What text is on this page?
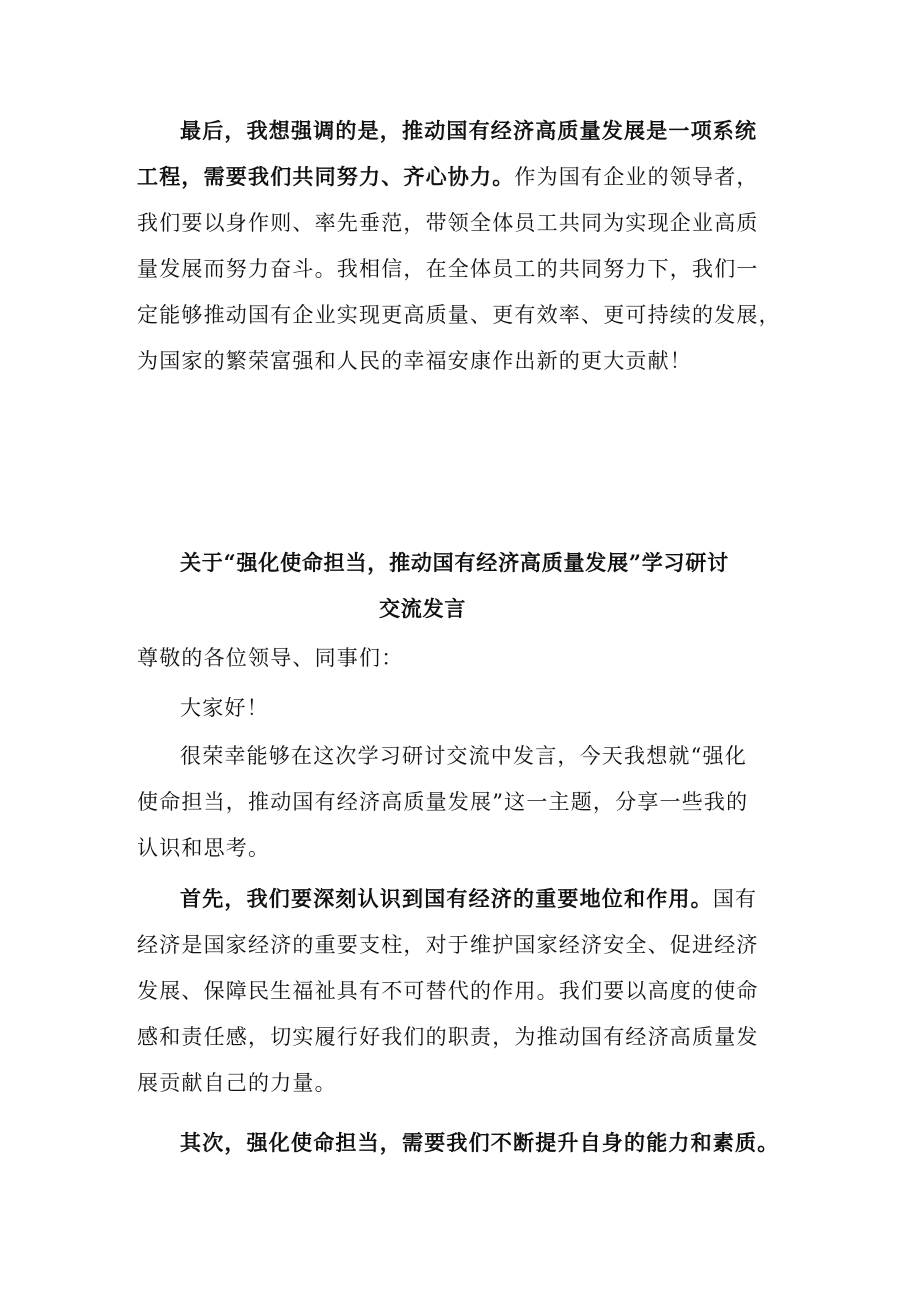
最后，我想强调的是，推动国有经济高质量发展是一项系统
工程，需要我们共同努力、齐心协力。作为国有企业的领导者，
我们要以身作则、率先垂范，带领全体员工共同为实现企业高质
量发展而努力奋斗。我相信，在全体员工的共同努力下，我们一
定能够推动国有企业实现更高质量、更有效率、更可持续的发展，
为国家的繁荣富强和人民的幸福安康作出新的更大贡献！
关于“强化使命担当，推动国有经济高质量发展”学习研讨
交流发言
尊敬的各位领导、同事们：
大家好！
很荣幸能够在这次学习研讨交流中发言，今天我想就“强化
使命担当，推动国有经济高质量发展”这一主题，分享一些我的
认识和思考。
首先，我们要深刻认识到国有经济的重要地位和作用。国有
经济是国家经济的重要支柱，对于维护国家经济安全、促进经济
发展、保障民生福祉具有不可替代的作用。我们要以高度的使命
感和责任感，切实履行好我们的职责，为推动国有经济高质量发
展贡献自己的力量。
其次，强化使命担当，需要我们不断提升自身的能力和素质。
